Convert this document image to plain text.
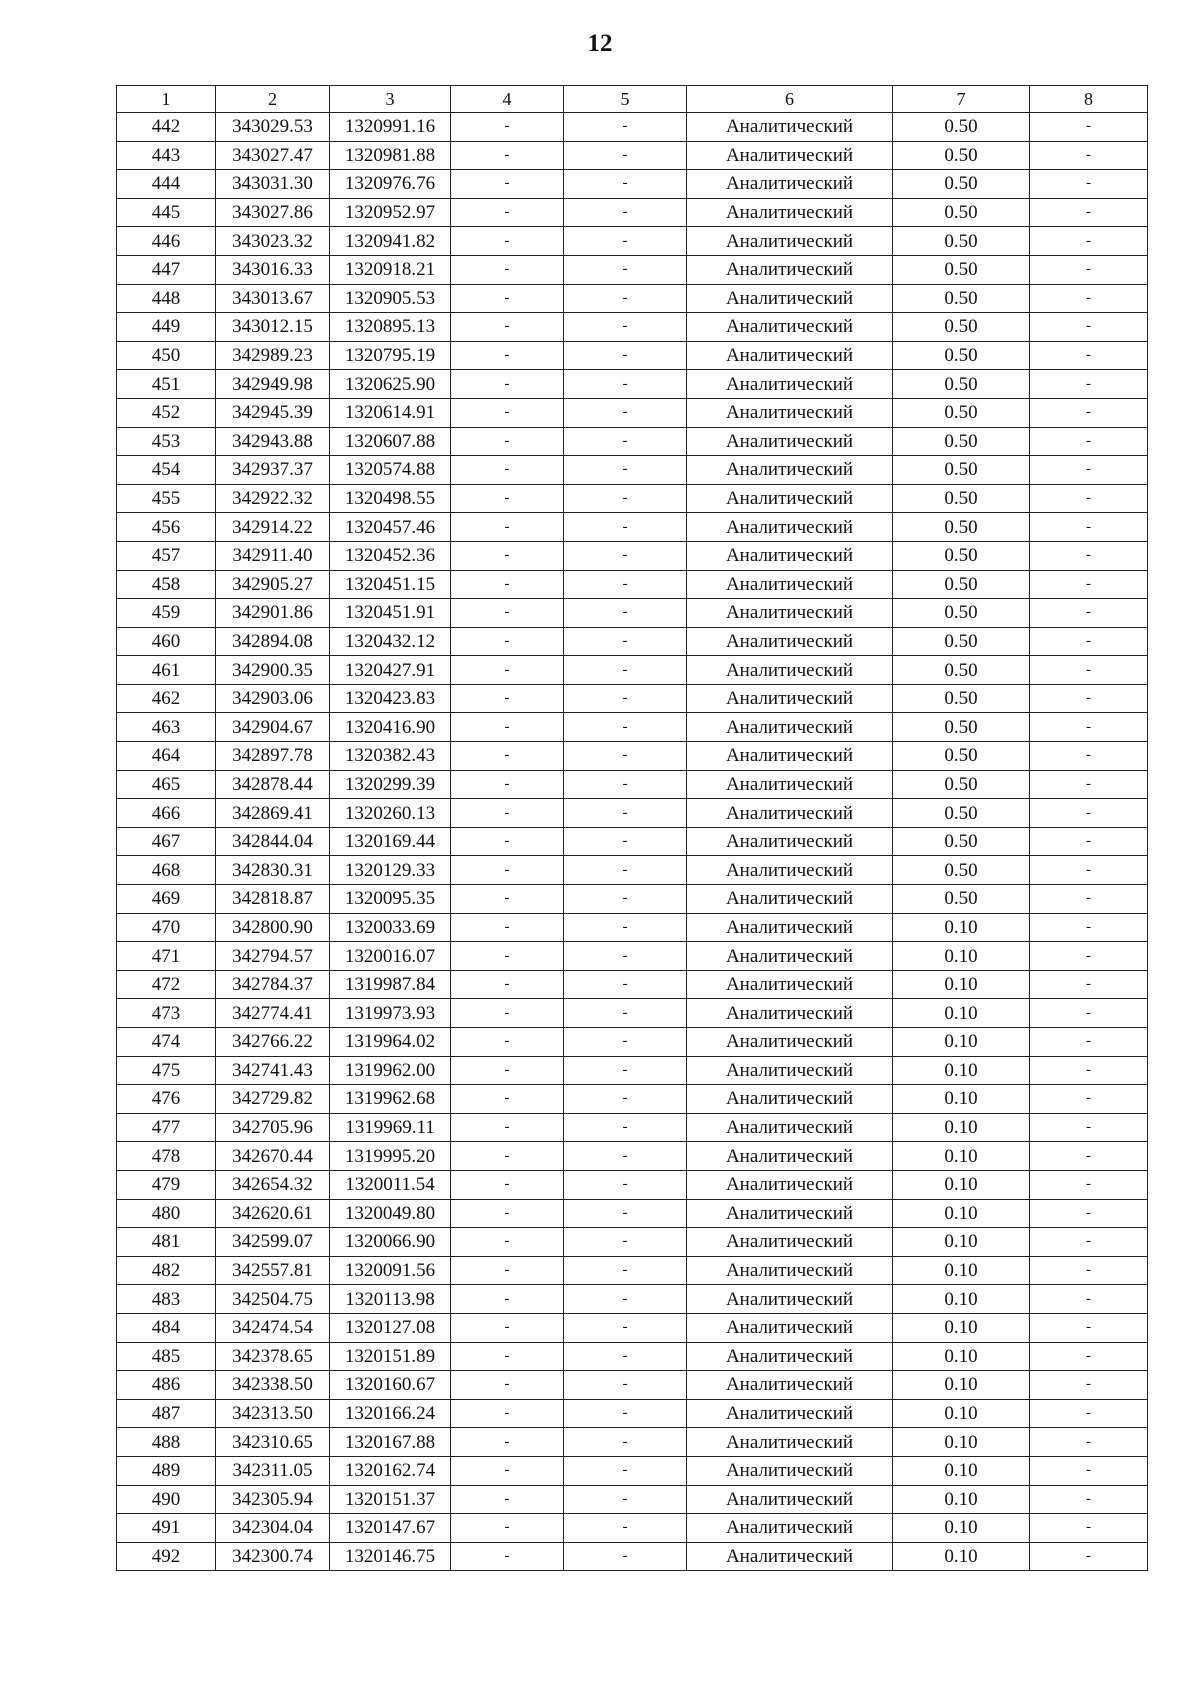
12
1	2	3	4	5	6	7	8
442	343029.53	1320991.16	-	-	Аналитический	0.50	-
443	343027.47	1320981.88	-	-	Аналитический	0.50	-
444	343031.30	1320976.76	-	-	Аналитический	0.50	-
445	343027.86	1320952.97	-	-	Аналитический	0.50	-
446	343023.32	1320941.82	-	-	Аналитический	0.50	-
447	343016.33	1320918.21	-	-	Аналитический	0.50	-
448	343013.67	1320905.53	-	-	Аналитический	0.50	-
449	343012.15	1320895.13	-	-	Аналитический	0.50	-
450	342989.23	1320795.19	-	-	Аналитический	0.50	-
451	342949.98	1320625.90	-	-	Аналитический	0.50	-
452	342945.39	1320614.91	-	-	Аналитический	0.50	-
453	342943.88	1320607.88	-	-	Аналитический	0.50	-
454	342937.37	1320574.88	-	-	Аналитический	0.50	-
455	342922.32	1320498.55	-	-	Аналитический	0.50	-
456	342914.22	1320457.46	-	-	Аналитический	0.50	-
457	342911.40	1320452.36	-	-	Аналитический	0.50	-
458	342905.27	1320451.15	-	-	Аналитический	0.50	-
459	342901.86	1320451.91	-	-	Аналитический	0.50	-
460	342894.08	1320432.12	-	-	Аналитический	0.50	-
461	342900.35	1320427.91	-	-	Аналитический	0.50	-
462	342903.06	1320423.83	-	-	Аналитический	0.50	-
463	342904.67	1320416.90	-	-	Аналитический	0.50	-
464	342897.78	1320382.43	-	-	Аналитический	0.50	-
465	342878.44	1320299.39	-	-	Аналитический	0.50	-
466	342869.41	1320260.13	-	-	Аналитический	0.50	-
467	342844.04	1320169.44	-	-	Аналитический	0.50	-
468	342830.31	1320129.33	-	-	Аналитический	0.50	-
469	342818.87	1320095.35	-	-	Аналитический	0.50	-
470	342800.90	1320033.69	-	-	Аналитический	0.10	-
471	342794.57	1320016.07	-	-	Аналитический	0.10	-
472	342784.37	1319987.84	-	-	Аналитический	0.10	-
473	342774.41	1319973.93	-	-	Аналитический	0.10	-
474	342766.22	1319964.02	-	-	Аналитический	0.10	-
475	342741.43	1319962.00	-	-	Аналитический	0.10	-
476	342729.82	1319962.68	-	-	Аналитический	0.10	-
477	342705.96	1319969.11	-	-	Аналитический	0.10	-
478	342670.44	1319995.20	-	-	Аналитический	0.10	-
479	342654.32	1320011.54	-	-	Аналитический	0.10	-
480	342620.61	1320049.80	-	-	Аналитический	0.10	-
481	342599.07	1320066.90	-	-	Аналитический	0.10	-
482	342557.81	1320091.56	-	-	Аналитический	0.10	-
483	342504.75	1320113.98	-	-	Аналитический	0.10	-
484	342474.54	1320127.08	-	-	Аналитический	0.10	-
485	342378.65	1320151.89	-	-	Аналитический	0.10	-
486	342338.50	1320160.67	-	-	Аналитический	0.10	-
487	342313.50	1320166.24	-	-	Аналитический	0.10	-
488	342310.65	1320167.88	-	-	Аналитический	0.10	-
489	342311.05	1320162.74	-	-	Аналитический	0.10	-
490	342305.94	1320151.37	-	-	Аналитический	0.10	-
491	342304.04	1320147.67	-	-	Аналитический	0.10	-
492	342300.74	1320146.75	-	-	Аналитический	0.10	-
